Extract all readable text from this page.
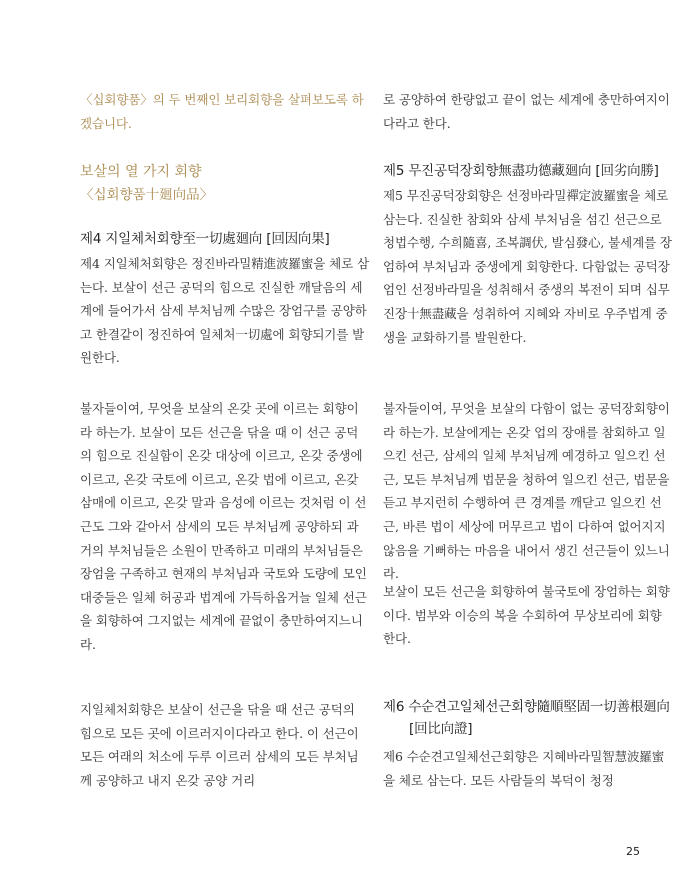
〈십회향품〉의 두 번째인 보리회향을 살펴보도록 하겠습니다.

보살의 열 가지 회향
〈십회향품十廻向品〉
제4 지일체처회향至一切處廻向 [回因向果]

제4 지일체처회향은 정진바라밀精進波羅蜜을 체로 삼는다. 보살이 선근 공덕의 힘으로 진실한 깨달음의 세계에 들어가서 삼세 부처님께 수많은 장엄구를 공양하고 한결같이 정진하여 일체처一切處에 회향되기를 발원한다.

불자들이여, 무엇을 보살의 온갖 곳에 이르는 회향이라 하는가. 보살이 모든 선근을 닦을 때 이 선근 공덕의 힘으로 진실함이 온갖 대상에 이르고, 온갖 중생에 이르고, 온갖 국토에 이르고, 온갖 법에 이르고, 온갖 삼매에 이르고, 온갖 말과 음성에 이르는 것처럼 이 선근도 그와 같아서 삼세의 모든 부처님께 공양하되 과거의 부처님들은 소원이 만족하고 미래의 부처님들은 장엄을 구족하고 현재의 부처님과 국토와 도량에 모인 대중들은 일체 허공과 법계에 가득하옵거늘 일체 선근을 회향하여 그지없는 세계에 끝없이 충만하여지느니라.

지일체처회향은 보살이 선근을 닦을 때 선근 공덕의 힘으로 모든 곳에 이르러지이다라고 한다. 이 선근이 모든 여래의 처소에 두루 이르러 삼세의 모든 부처님께 공양하고 내지 온갖 공양 거리

로 공양하여 한량없고 끝이 없는 세계에 충만하여지이다라고 한다.

제5 무진공덕장회향無盡功德藏廻向 [回劣向勝]

제5 무진공덕장회향은 선정바라밀禪定波羅蜜을 체로 삼는다. 진실한 참회와 삼세 부처님을 섬긴 선근으로 청법수행, 수희隨喜, 조복調伏, 발심發心, 불세계를 장엄하여 부처님과 중생에게 회향한다. 다함없는 공덕장엄인 선정바라밀을 성취해서 중생의 복전이 되며 십무진장十無盡藏을 성취하여 지혜와 자비로 우주법계 중생을 교화하기를 발원한다.

불자들이여, 무엇을 보살의 다함이 없는 공덕장회향이라 하는가. 보살에게는 온갖 업의 장애를 참회하고 일으킨 선근, 삼세의 일체 부처님께 예경하고 일으킨 선근, 모든 부처님께 법문을 청하여 일으킨 선근, 법문을 듣고 부지런히 수행하여 큰 경계를 깨닫고 일으킨 선근, 바른 법이 세상에 머무르고 법이 다하여 없어지지 않음을 기뻐하는 마음을 내어서 생긴 선근들이 있느니라.

보살이 모든 선근을 회향하여 불국토에 장엄하는 회향이다. 범부와 이승의 복을 수회하여 무상보리에 회향한다.

제6 수순견고일체선근회향隨順堅固一切善根廻向
[回比向證]

제6 수순견고일체선근회향은 지혜바라밀智慧波羅蜜을 체로 삼는다. 모든 사람들의 복덕이 청정

25
